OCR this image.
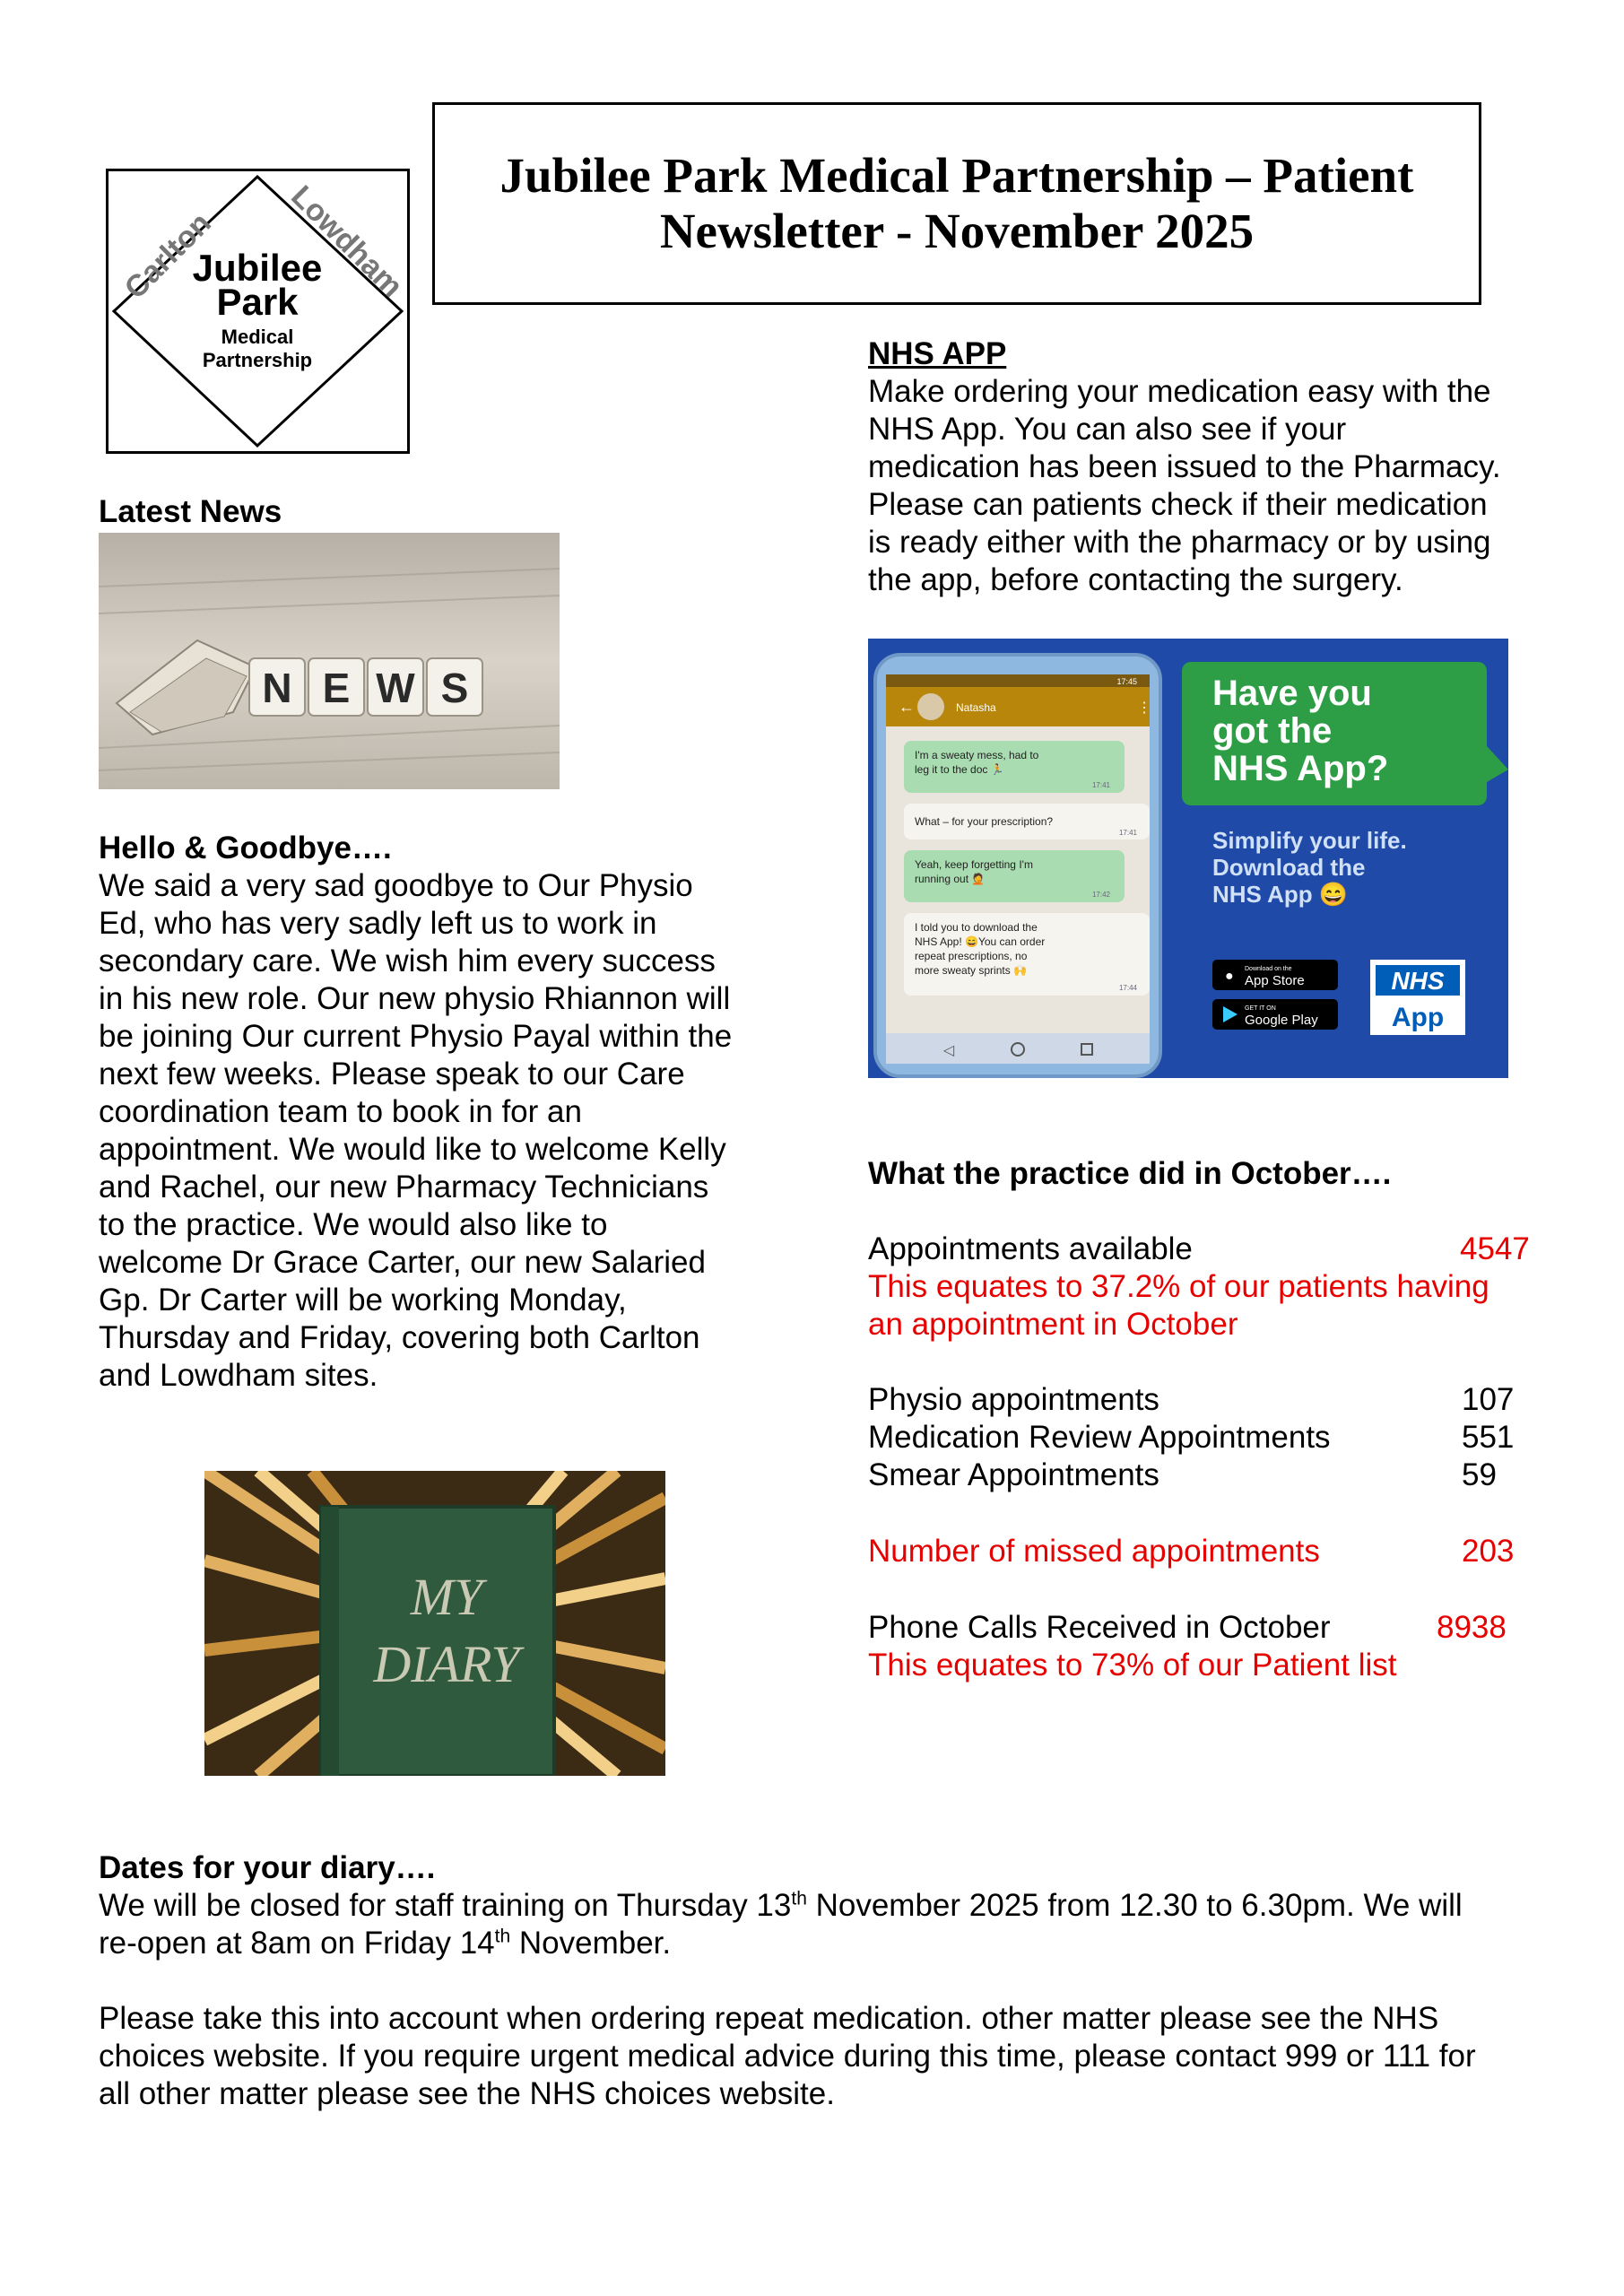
Jubilee Park Medical Partnership – Patient
Newsletter - November 2025
Carlton Lowdham
Jubilee
Park
Medical
Partnership
Latest News
N E W S
Hello & Goodbye….
We said a very sad goodbye to Our Physio
Ed, who has very sadly left us to work in
secondary care. We wish him every success
in his new role. Our new physio Rhiannon will
be joining Our current Physio Payal within the
next few weeks. Please speak to our Care
coordination team to book in for an
appointment. We would like to welcome Kelly
and Rachel, our new Pharmacy Technicians
to the practice. We would also like to
welcome Dr Grace Carter, our new Salaried
Gp. Dr Carter will be working Monday,
Thursday and Friday, covering both Carlton
and Lowdham sites.
MY
DIARY
NHS APP
Make ordering your medication easy with the
NHS App. You can also see if your
medication has been issued to the Pharmacy.
Please can patients check if their medication
is ready either with the pharmacy or by using
the app, before contacting the surgery.
17:45
←	Natasha	⋮
I'm a sweaty mess, had to
leg it to the doc 🏃
17:41
What – for your prescription?
17:41
Yeah, keep forgetting I'm
running out 🤦
17:42
I told you to download the
NHS App! 😄You can order
repeat prescriptions, no
more sweaty sprints 🙌
17:44
◁
Have you
got the
NHS App?
Simplify your life.
Download the
NHS App 😄
● Download on the
App Store
GET IT ON
Google Play
NHS
App
What the practice did in October….
Appointments available	4547
This equates to 37.2% of our patients having
an appointment in October
Physio appointments	107
Medication Review Appointments	551
Smear Appointments	59
Number of missed appointments	203
Phone Calls Received in October	8938
This equates to 73% of our Patient list
Dates for your diary….
We will be closed for staff training on Thursday 13th November 2025 from 12.30 to 6.30pm. We will
re-open at 8am on Friday 14th November.
Please take this into account when ordering repeat medication. other matter please see the NHS
choices website. If you require urgent medical advice during this time, please contact 999 or 111 for
all other matter please see the NHS choices website.
